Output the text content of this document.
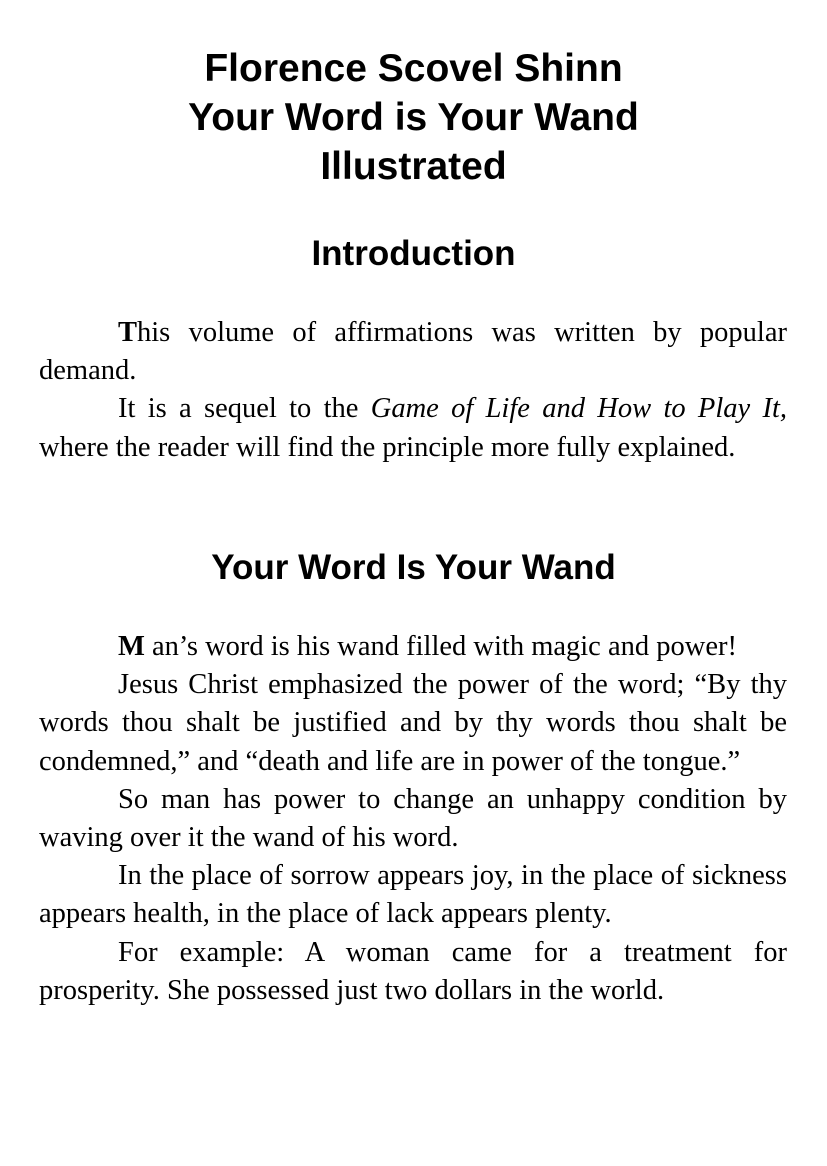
Florence Scovel Shinn
Your Word is Your Wand
Illustrated
Introduction

This volume of affirmations was written by popular demand.

It is a sequel to the Game of Life and How to Play It,  where the reader will find the principle more fully explained.

Your Word Is Your Wand

M an’s word is his wand filled with magic and power!

Jesus Christ emphasized the power of the word; “By thy words thou shalt be justified and by thy words thou shalt be condemned,” and “death and life are in power of the tongue.”

So man has power to change an unhappy condition by waving over it the wand of his word.

In the place of sorrow appears joy, in the place of sickness appears health, in the place of lack appears plenty.

For example: A woman came for a treatment for prosperity. She possessed just two dollars in the world.
